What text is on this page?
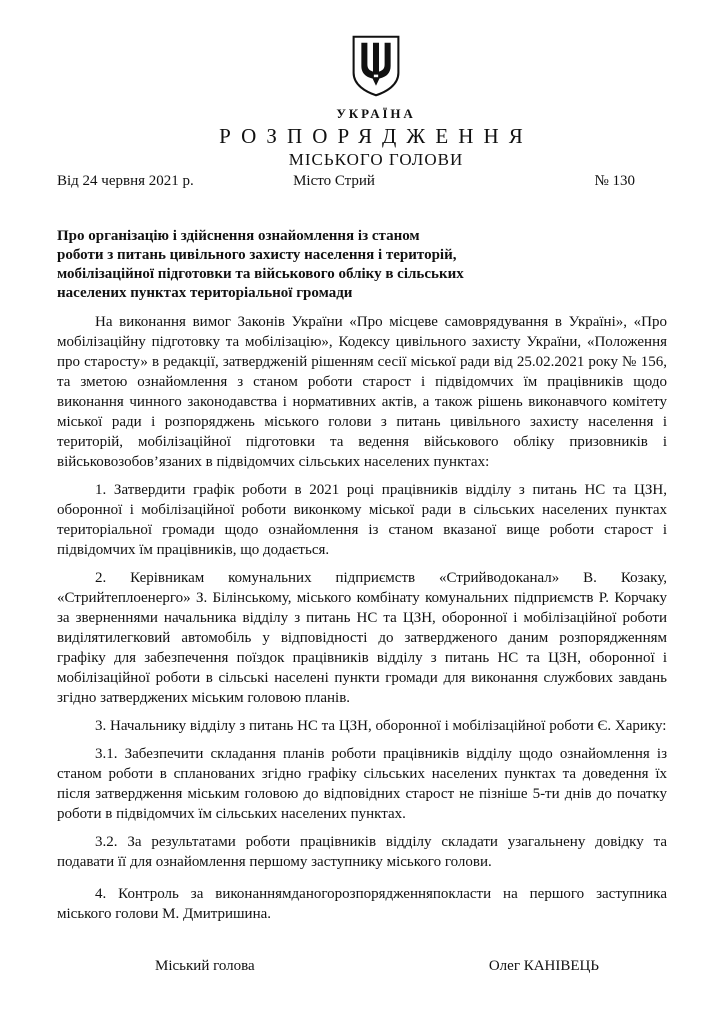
УКРАЇНА
РОЗПОРЯДЖЕННЯ
МІСЬКОГО ГОЛОВИ
Від 24 червня 2021 р.	Місто Стрий	№ 130
Про організацію і здійснення ознайомлення із станом
роботи з питань цивільного захисту населення і територій,
мобілізаційної підготовки та військового обліку в сільських
населених пунктах територіальної громади

На виконання вимог Законів України «Про місцеве самоврядування в Україні», «Про мобілізаційну підготовку та мобілізацію», Кодексу цивільного захисту України, «Положення про старосту» в редакції, затвердженій рішенням сесії міської ради від 25.02.2021 року № 156, та зметою ознайомлення з станом роботи старост і підвідомчих їм працівників щодо виконання чинного законодавства і нормативних актів, а також рішень виконавчого комітету міської ради і розпоряджень міського голови з питань цивільного захисту населення і територій, мобілізаційної підготовки та ведення військового обліку призовників і військовозобов’язаних в підвідомчих сільських населених пунктах:

1. Затвердити графік роботи в 2021 році працівників відділу з питань НС та ЦЗН, оборонної і мобілізаційної роботи виконкому міської ради в сільських населених пунктах територіальної громади щодо ознайомлення із станом вказаної вище роботи старост і підвідомчих їм працівників, що додається.

2. Керівникам комунальних підприємств «Стрийводоканал» В. Козаку, «Стрийтеплоенерго» З. Білінському, міського комбінату комунальних підприємств Р. Корчаку за зверненнями начальника відділу з питань НС та ЦЗН, оборонної і мобілізаційної роботи виділятилегковий автомобіль у відповідності до затвердженого даним розпорядженням графіку для забезпечення поїздок працівників відділу з питань НС та ЦЗН, оборонної і мобілізаційної роботи в сільські населені пункти громади для виконання службових завдань згідно затверджених міським головою планів.

3. Начальнику відділу з питань НС та ЦЗН, оборонної і мобілізаційної роботи Є. Харику:

3.1. Забезпечити складання планів роботи працівників відділу щодо ознайомлення із станом роботи в спланованих згідно графіку сільських населених пунктах та доведення їх після затвердження міським головою до відповідних старост не пізніше 5-ти днів до початку роботи в підвідомчих їм сільських населених пунктах.

3.2. За результатами роботи працівників відділу складати узагальнену довідку та подавати її для ознайомлення першому заступнику міського голови.

4. Контроль за виконаннямданогорозпорядженняпокласти на першого заступника міського голови М. Дмитришина.

Міський голова	Олег КАНІВЕЦЬ
